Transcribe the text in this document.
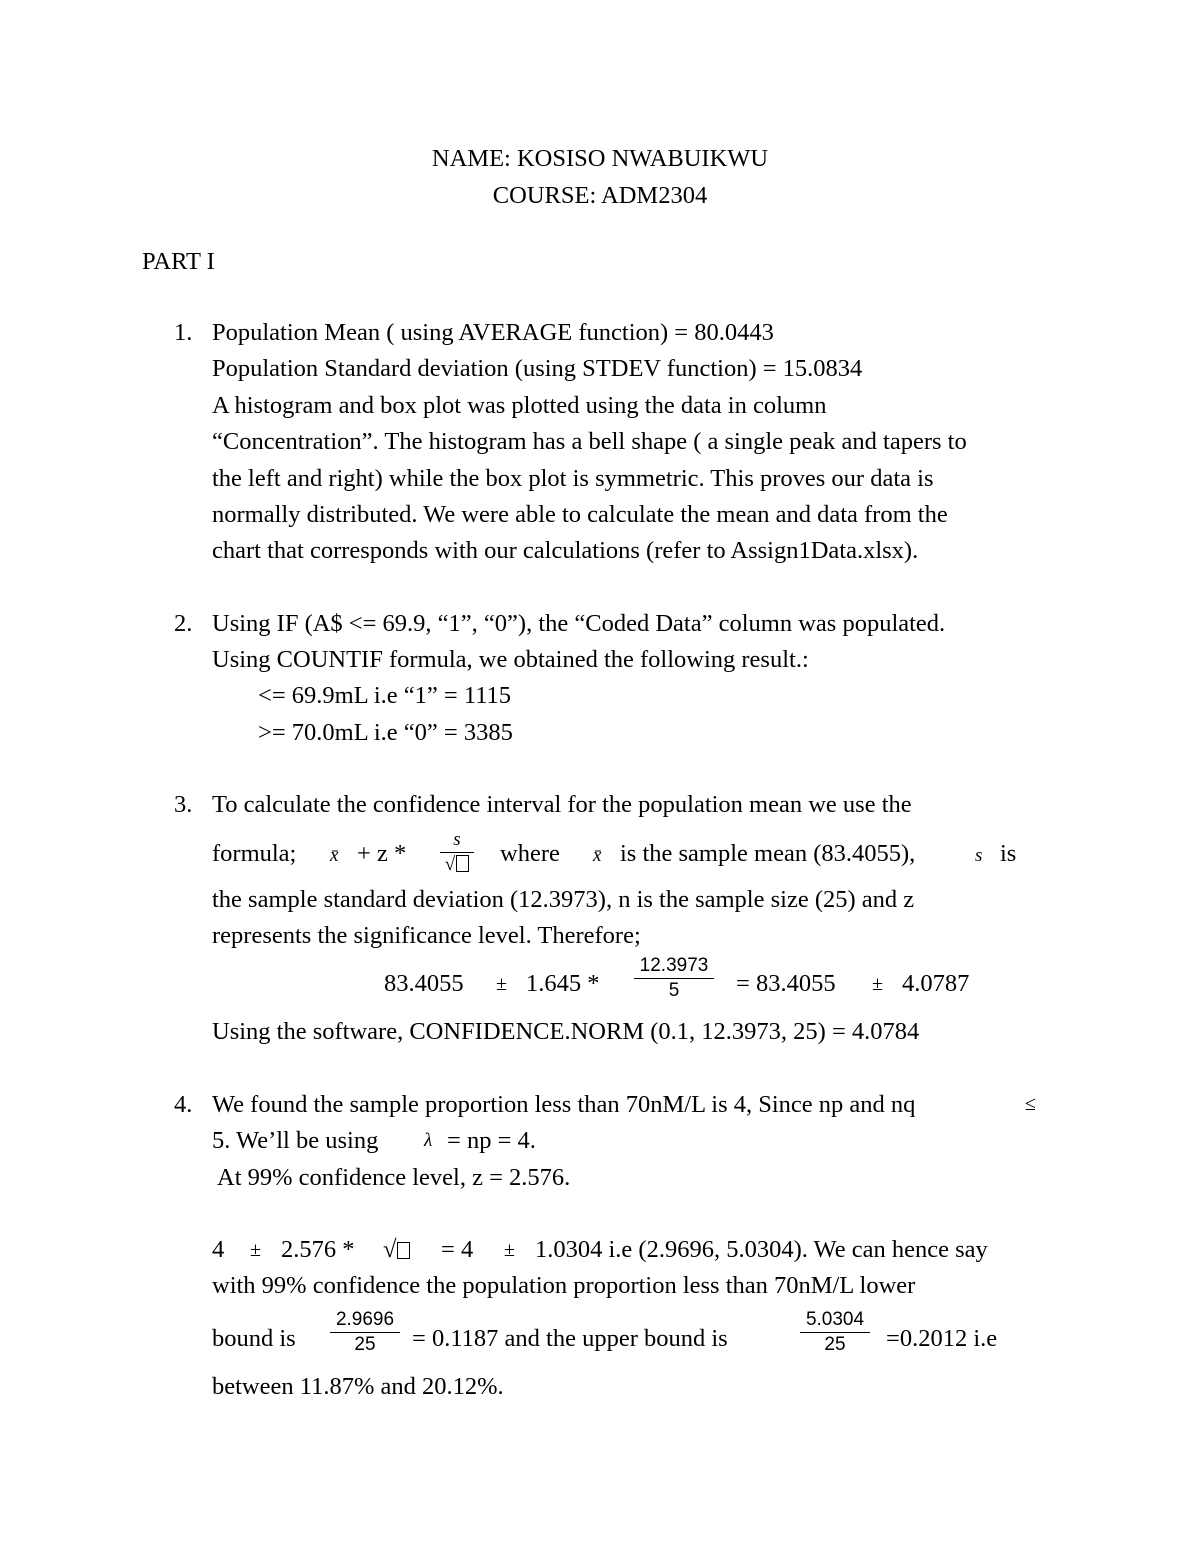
NAME: KOSISO NWABUIKWU
COURSE: ADM2304
PART I
1. Population Mean ( using AVERAGE function) = 80.0443
Population Standard deviation (using STDEV function) = 15.0834
A histogram and box plot was plotted using the data in column
“Concentration”. The histogram has a bell shape ( a single peak and tapers to
the left and right) while the box plot is symmetric. This proves our data is
normally distributed. We were able to calculate the mean and data from the
chart that corresponds with our calculations (refer to Assign1Data.xlsx).
2. Using IF (A$ <= 69.9, “1”, “0”), the “Coded Data” column was populated.
Using COUNTIF formula, we obtained the following result.:
<= 69.9mL i.e “1” = 1115
>= 70.0mL i.e “0” = 3385
3. To calculate the confidence interval for the population mean we use the
formula; x̄ + z *
s
√	where x̄ is the sample mean (83.4055),	s is
the sample standard deviation (12.3973), n is the sample size (25) and z
represents the significance level. Therefore;
83.4055 ± 1.645 *
12.3973
5 = 83.4055 ± 4.0787
Using the software, CONFIDENCE.NORM (0.1, 12.3973, 25) = 4.0784
4. We found the sample proportion less than 70nM/L is 4, Since np and nq	≤
5. We’ll be using λ = np = 4.
At 99% confidence level, z = 2.576.
4 ± 2.576 * √	= 4 ± 1.0304 i.e (2.9696, 5.0304). We can hence say
with 99% confidence the population proportion less than 70nM/L lower
bound is
2.9696
25 = 0.1187 and the upper bound is
5.0304
25 =0.2012 i.e
between 11.87% and 20.12%.
